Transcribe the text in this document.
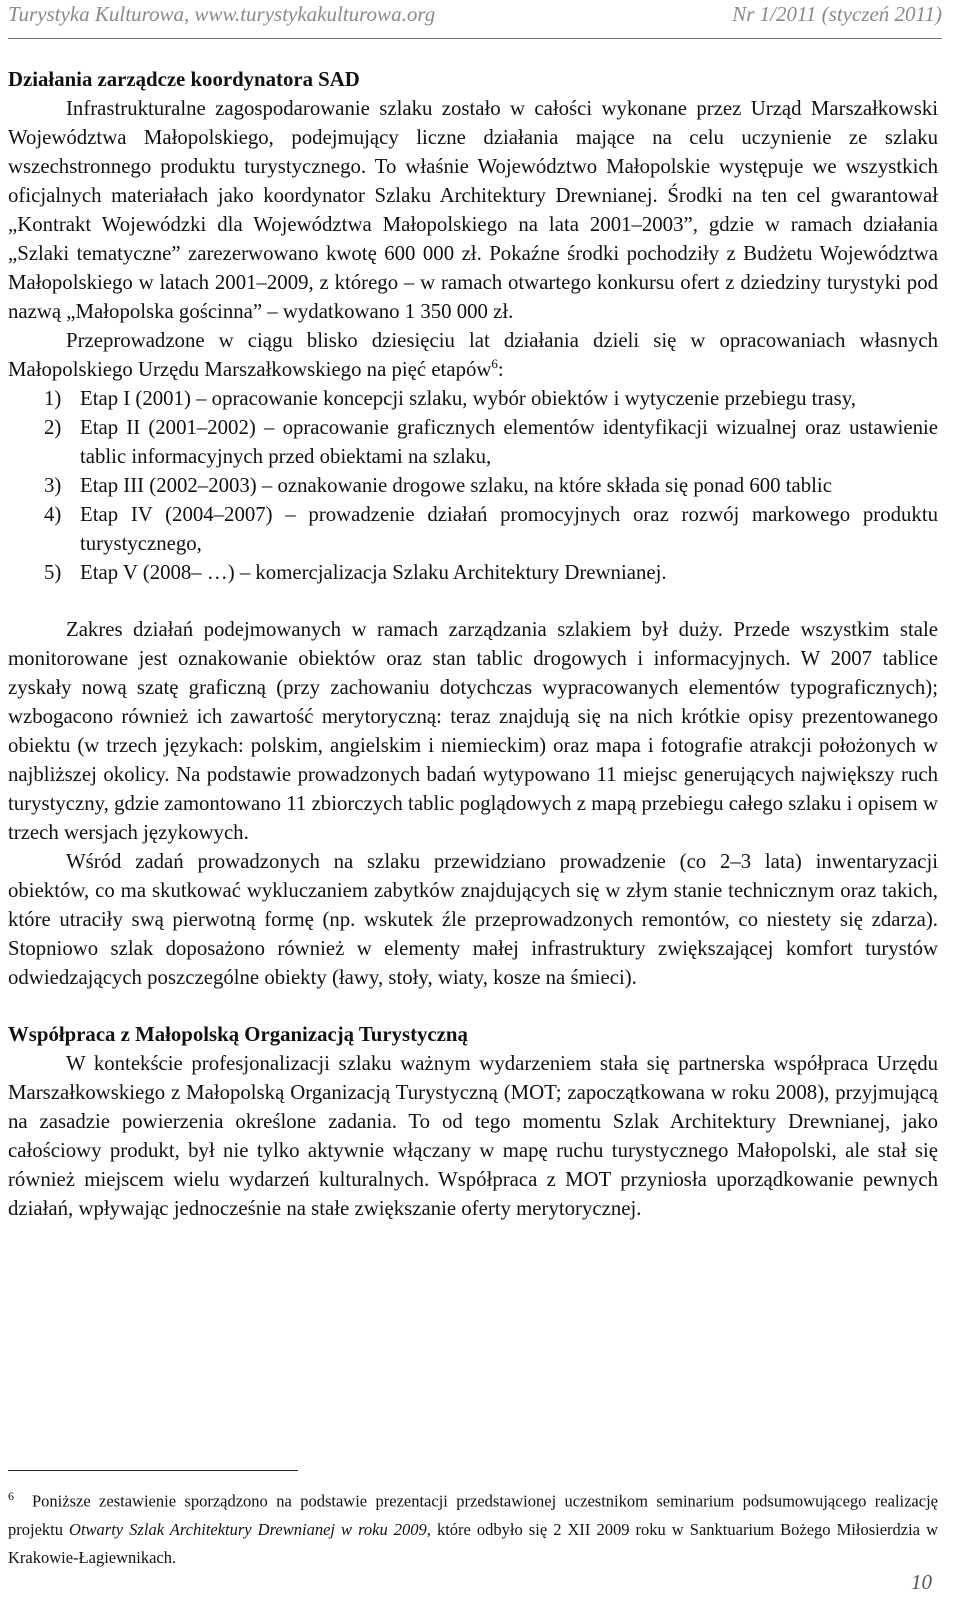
Turystyka Kulturowa, www.turystykakulturowa.org	Nr 1/2011 (styczeń 2011)

Działania zarządcze koordynatora SAD

Infrastrukturalne zagospodarowanie szlaku zostało w całości wykonane przez Urząd Marszałkowski Województwa Małopolskiego, podejmujący liczne działania mające na celu uczynienie ze szlaku wszechstronnego produktu turystycznego. To właśnie Województwo Małopolskie występuje we wszystkich oficjalnych materiałach jako koordynator Szlaku Architektury Drewnianej. Środki na ten cel gwarantował „Kontrakt Wojewódzki dla Województwa Małopolskiego na lata 2001–2003”, gdzie w ramach działania „Szlaki tematyczne” zarezerwowano kwotę 600 000 zł. Pokaźne środki pochodziły z Budżetu Województwa Małopolskiego w latach 2001–2009, z którego – w ramach otwartego konkursu ofert z dziedziny turystyki pod nazwą „Małopolska gościnna” – wydatkowano 1 350 000 zł.

Przeprowadzone w ciągu blisko dziesięciu lat działania dzieli się w opracowaniach własnych Małopolskiego Urzędu Marszałkowskiego na pięć etapów$^6$:

1) Etap I (2001) – opracowanie koncepcji szlaku, wybór obiektów i wytyczenie przebiegu trasy,
2) Etap II (2001–2002) – opracowanie graficznych elementów identyfikacji wizualnej oraz ustawienie tablic informacyjnych przed obiektami na szlaku,
3) Etap III (2002–2003) – oznakowanie drogowe szlaku, na które składa się ponad 600 tablic
4) Etap IV (2004–2007) – prowadzenie działań promocyjnych oraz rozwój markowego produktu turystycznego,
5) Etap V (2008– …) – komercjalizacja Szlaku Architektury Drewnianej.

Zakres działań podejmowanych w ramach zarządzania szlakiem był duży. Przede wszystkim stale monitorowane jest oznakowanie obiektów oraz stan tablic drogowych i informacyjnych. W 2007 tablice zyskały nową szatę graficzną (przy zachowaniu dotychczas wypracowanych elementów typograficznych); wzbogacono również ich zawartość merytoryczną: teraz znajdują się na nich krótkie opisy prezentowanego obiektu (w trzech językach: polskim, angielskim i niemieckim) oraz mapa i fotografie atrakcji położonych w najbliższej okolicy. Na podstawie prowadzonych badań wytypowano 11 miejsc generujących największy ruch turystyczny, gdzie zamontowano 11 zbiorczych tablic poglądowych z mapą przebiegu całego szlaku i opisem w trzech wersjach językowych.

Wśród zadań prowadzonych na szlaku przewidziano prowadzenie (co 2–3 lata) inwentaryzacji obiektów, co ma skutkować wykluczaniem zabytków znajdujących się w złym stanie technicznym oraz takich, które utraciły swą pierwotną formę (np. wskutek źle przeprowadzonych remontów, co niestety się zdarza). Stopniowo szlak doposażono również w elementy małej infrastruktury zwiększającej komfort turystów odwiedzających poszczególne obiekty (ławy, stoły, wiaty, kosze na śmieci).

Współpraca z Małopolską Organizacją Turystyczną

W kontekście profesjonalizacji szlaku ważnym wydarzeniem stała się partnerska współpraca Urzędu Marszałkowskiego z Małopolską Organizacją Turystyczną (MOT; zapoczątkowana w roku 2008), przyjmującą na zasadzie powierzenia określone zadania. To od tego momentu Szlak Architektury Drewnianej, jako całościowy produkt, był nie tylko aktywnie włączany w mapę ruchu turystycznego Małopolski, ale stał się również miejscem wielu wydarzeń kulturalnych. Współpraca z MOT przyniosła uporządkowanie pewnych działań, wpływając jednocześnie na stałe zwiększanie oferty merytorycznej.

$^6$ Poniższe zestawienie sporządzono na podstawie prezentacji przedstawionej uczestnikom seminarium podsumowującego realizację projektu Otwarty Szlak Architektury Drewnianej w roku 2009, które odbyło się 2 XII 2009 roku w Sanktuarium Bożego Miłosierdzia w Krakowie-Łagiewnikach.
10
